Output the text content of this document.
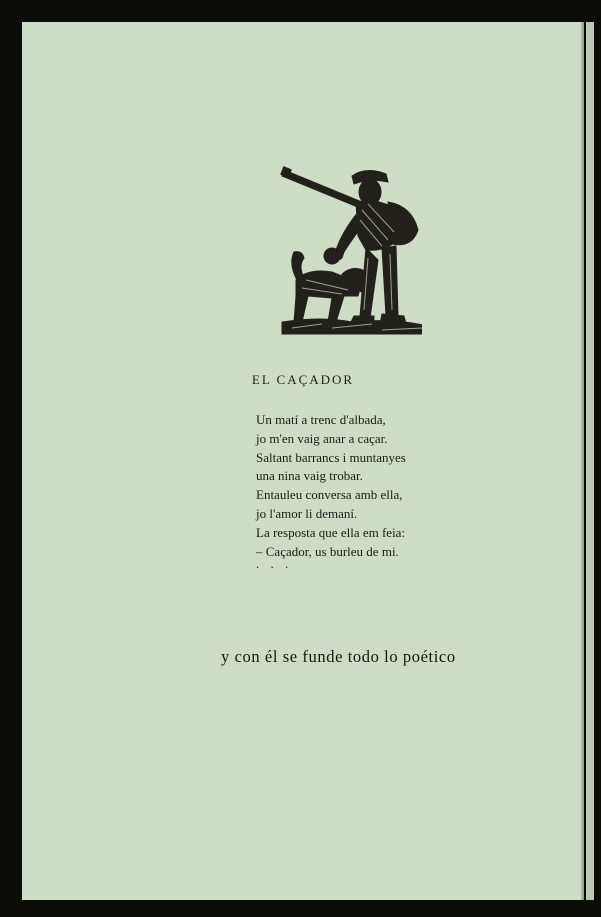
EL CAÇADOR
Un matí a trenc d'albada,
jo m'en vaig anar a caçar.
Saltant barrancs i muntanyes
una nina vaig trobar.
Entauleu conversa amb ella,
jo l'amor li demaní.
La resposta que ella em feia:
– Caçador, us burleu de mi.
. . .
y con él se funde todo lo poético
